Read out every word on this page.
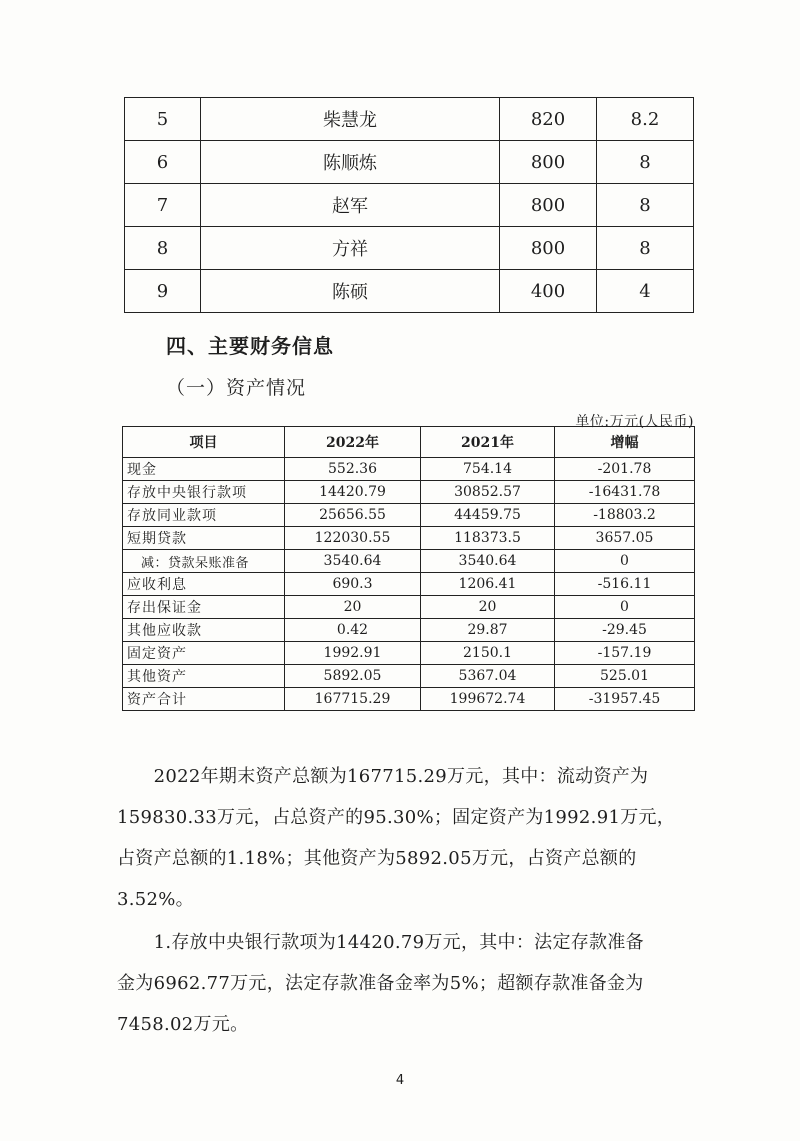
5	柴慧龙	820	8.2
6	陈顺炼	800	8
7	赵军	800	8
8	方祥	800	8
9	陈硕	400	4
四、主要财务信息
（一）资产情况
单位:万元(人民币)
项目	2022年	2021年	增幅
现金	552.36	754.14	-201.78
存放中央银行款项	14420.79	30852.57	-16431.78
存放同业款项	25656.55	44459.75	-18803.2
短期贷款	122030.55	118373.5	3657.05
减：贷款呆账准备	3540.64	3540.64	0
应收利息	690.3	1206.41	-516.11
存出保证金	20	20	0
其他应收款	0.42	29.87	-29.45
固定资产	1992.91	2150.1	-157.19
其他资产	5892.05	5367.04	525.01
资产合计	167715.29	199672.74	-31957.45
　　2022年期末资产总额为167715.29万元，其中：流动资产为
159830.33万元，占总资产的95.30%；固定资产为1992.91万元，
占资产总额的1.18%；其他资产为5892.05万元，占资产总额的
3.52%。
　　1.存放中央银行款项为14420.79万元，其中：法定存款准备
金为6962.77万元，法定存款准备金率为5%；超额存款准备金为
7458.02万元。
4
